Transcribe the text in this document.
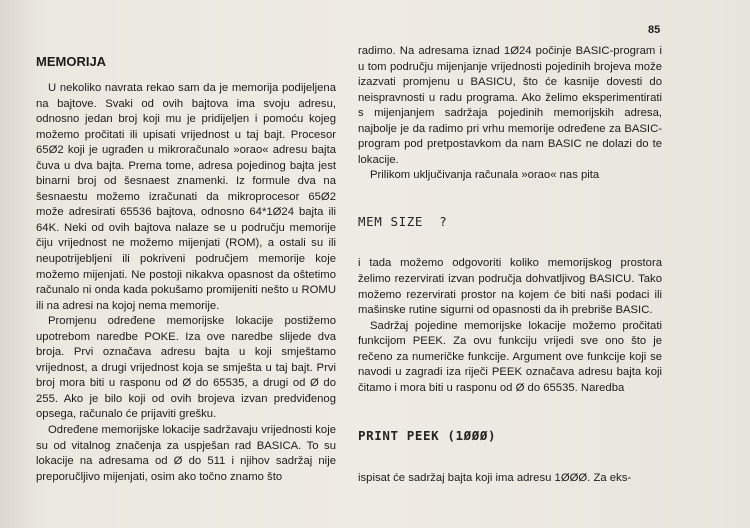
85
MEMORIJA

U nekoliko navrata rekao sam da je memorija podijeljena na bajtove. Svaki od ovih bajtova ima svoju adresu, odnosno jedan broj koji mu je pridijeljen i pomoću kojeg možemo pročitati ili upisati vrijednost u taj bajt. Procesor 65Ø2 koji je ugrađen u mikroračunalo »orao« adresu bajta čuva u dva bajta. Prema tome, adresa pojedinog bajta jest binarni broj od šesnaest znamenki. Iz formule dva na šesnaestu možemo izračunati da mikroprocesor 65Ø2 može adresirati 65536 bajtova, odnosno 64*1Ø24 bajta ili 64K. Neki od ovih bajtova nalaze se u području memorije čiju vrijednost ne možemo mijenjati (ROM), a ostali su ili neupotrijebljeni ili pokriveni područjem memorije koje možemo mijenjati. Ne postoji nikakva opasnost da oštetimo računalo ni onda kada pokušamo promijeniti nešto u ROMU ili na adresi na kojoj nema memorije.

Promjenu određene memorijske lokacije postižemo upotrebom naredbe POKE. Iza ove naredbe slijede dva broja. Prvi označava adresu bajta u koji smještamo vrijednost, a drugi vrijednost koja se smješta u taj bajt. Prvi broj mora biti u rasponu od Ø do 65535, a drugi od Ø do 255. Ako je bilo koji od ovih brojeva izvan predviđenog opsega, računalo će prijaviti grešku.

Određene memorijske lokacije sadržavaju vrijednosti koje su od vitalnog značenja za uspješan rad BASICA. To su lokacije na adresama od Ø do 511 i njihov sadržaj nije preporučljivo mijenjati, osim ako točno znamo što

radimo. Na adresama iznad 1Ø24 počinje BASIC-program i u tom području mijenjanje vrijednosti pojedinih brojeva može izazvati promjenu u BASICU, što će kasnije dovesti do neispravnosti u radu programa. Ako želimo eksperimentirati s mijenjanjem sadržaja pojedinih memorijskih adresa, najbolje je da radimo pri vrhu memorije određene za BASIC-program pod pretpostavkom da nam BASIC ne dolazi do te lokacije.

Prilikom uključivanja računala »orao« nas pita

MEM SIZE  ?

i tada možemo odgovoriti koliko memorijskog prostora želimo rezervirati izvan područja dohvatljivog BASICU. Tako možemo rezervirati prostor na kojem će biti naši podaci ili mašinske rutine sigurni od opasnosti da ih prebriše BASIC.

Sadržaj pojedine memorijske lokacije možemo pročitati funkcijom PEEK. Za ovu funkciju vrijedi sve ono što je rečeno za numeričke funkcije. Argument ove funkcije koji se navodi u zagradi iza riječi PEEK označava adresu bajta koji čitamo i mora biti u rasponu od Ø do 65535. Naredba

PRINT PEEK (1ØØØ)

ispisat će sadržaj bajta koji ima adresu 1ØØØ. Za eks-
